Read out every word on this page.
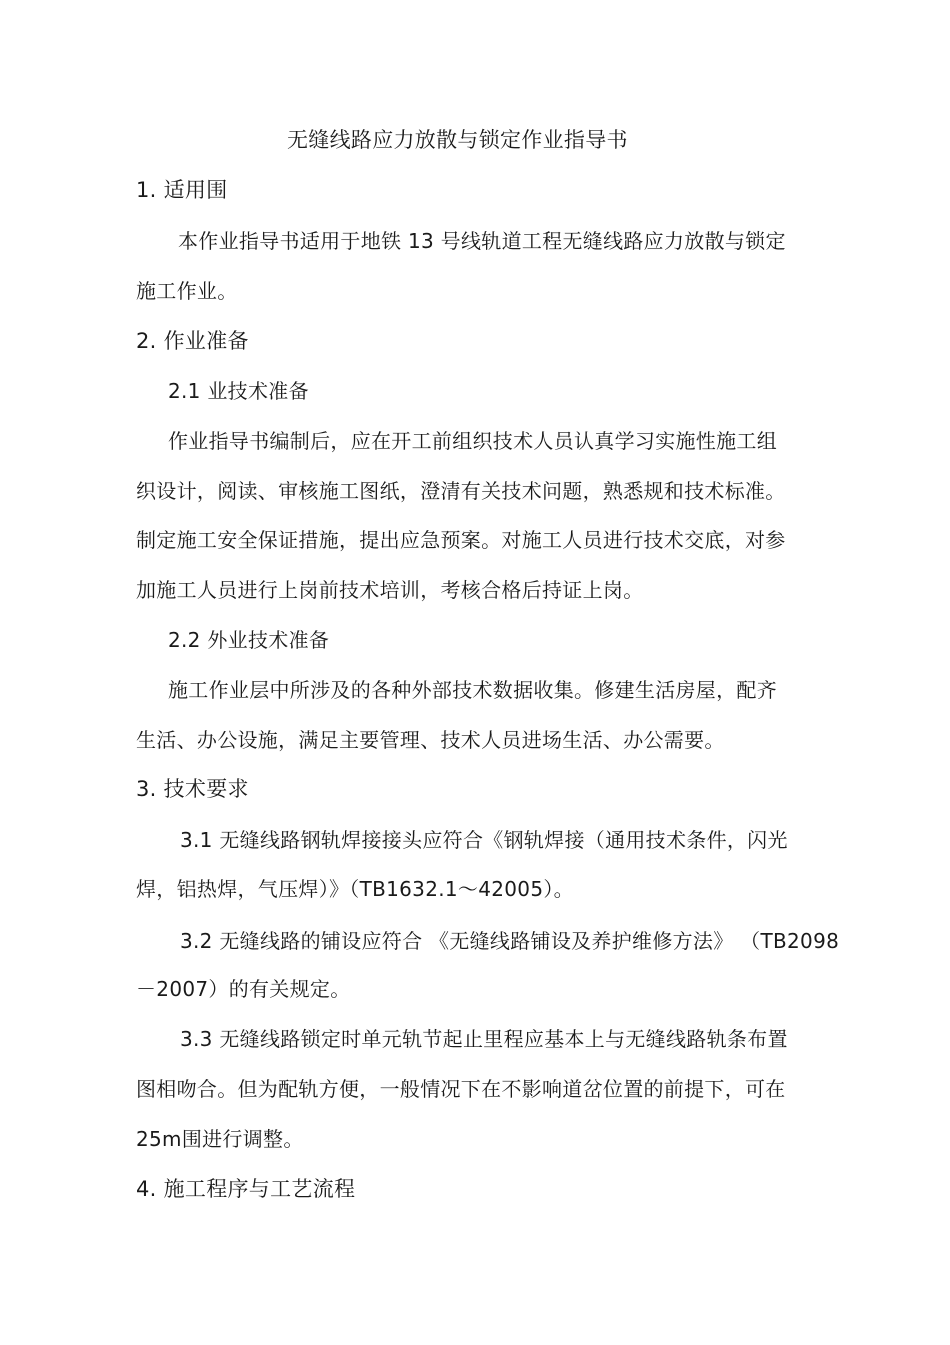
无缝线路应力放散与锁定作业指导书
1. 适用围
本作业指导书适用于地铁 13 号线轨道工程无缝线路应力放散与锁定
施工作业。
2. 作业准备
2.1 业技术准备
作业指导书编制后，应在开工前组织技术人员认真学习实施性施工组
织设计，阅读、审核施工图纸，澄清有关技术问题，熟悉规和技术标准。
制定施工安全保证措施，提出应急预案。对施工人员进行技术交底，对参
加施工人员进行上岗前技术培训，考核合格后持证上岗。
2.2 外业技术准备
施工作业层中所涉及的各种外部技术数据收集。修建生活房屋，配齐
生活、办公设施，满足主要管理、技术人员进场生活、办公需要。
3. 技术要求
3.1 无缝线路钢轨焊接接头应符合《钢轨焊接（通用技术条件，闪光
焊，铝热焊，气压焊）》（TB1632.1～42005）。
3.2 无缝线路的铺设应符合 《无缝线路铺设及养护维修方法》 （TB2098
－2007）的有关规定。
3.3 无缝线路锁定时单元轨节起止里程应基本上与无缝线路轨条布置
图相吻合。但为配轨方便，一般情况下在不影响道岔位置的前提下，可在
25m围进行调整。
4. 施工程序与工艺流程
